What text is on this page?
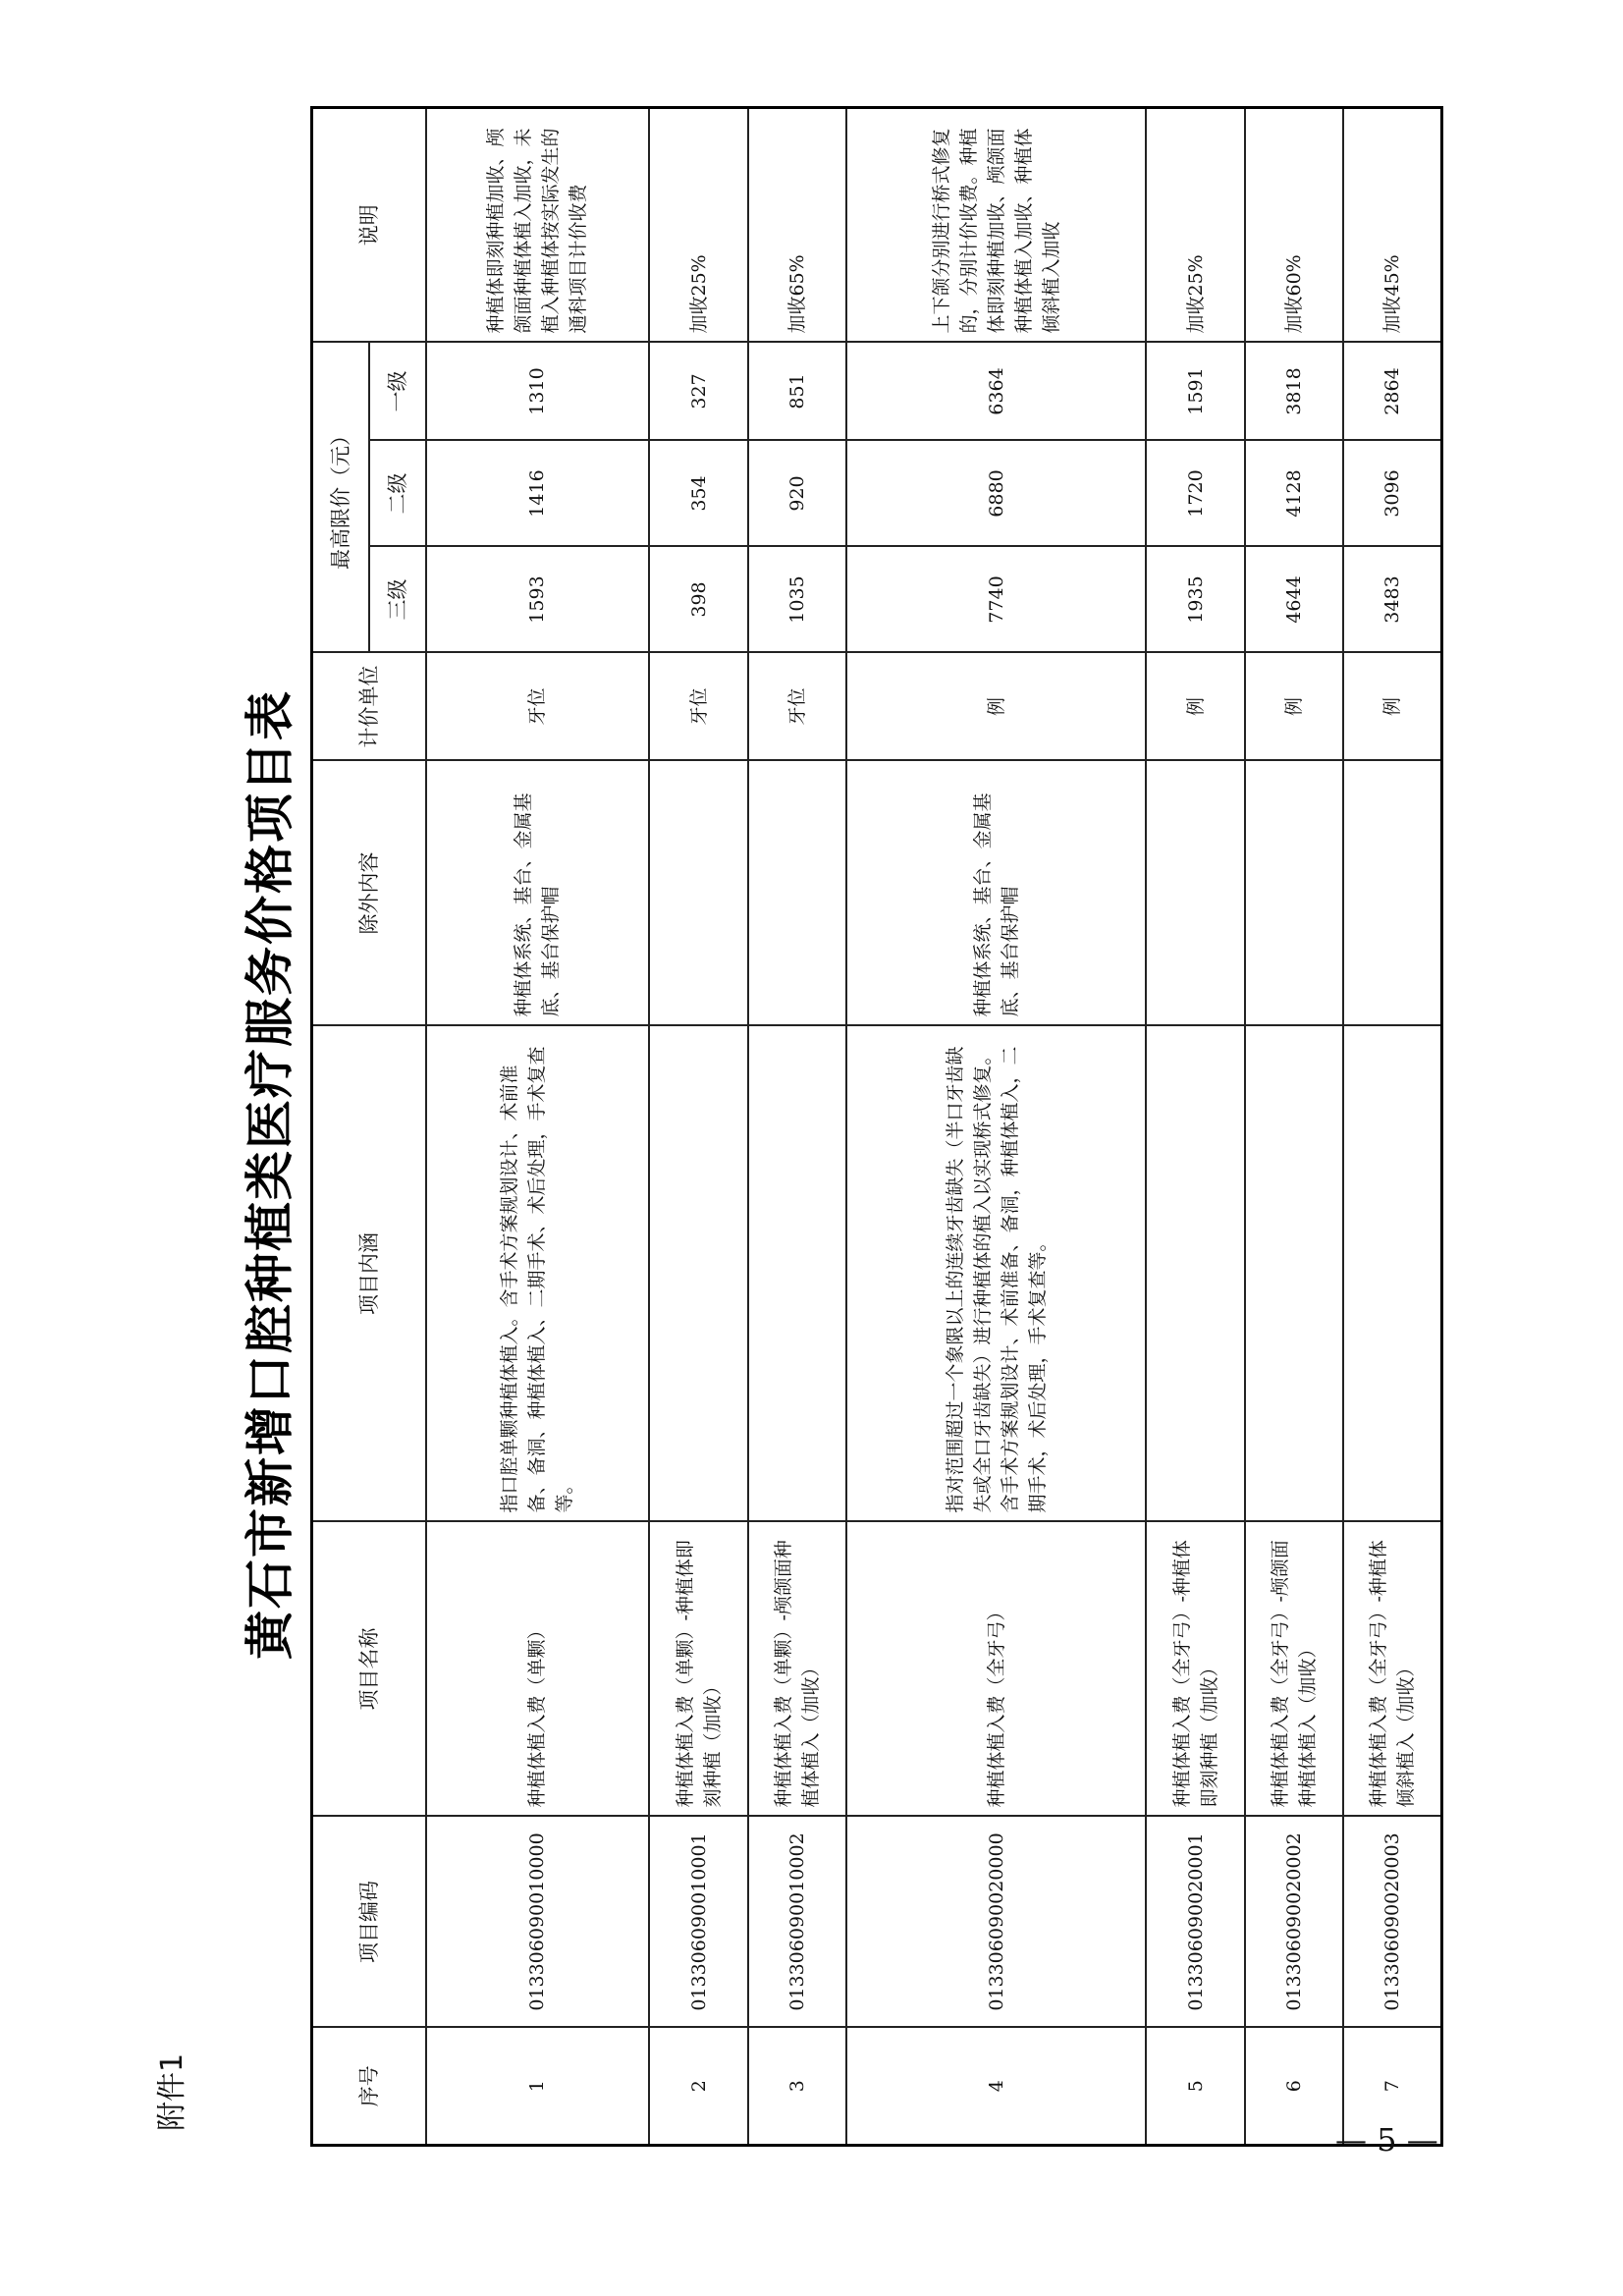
附件1
黄石市新增口腔种植类医疗服务价格项目表
序号	项目编码	项目名称	项目内涵	除外内容	计价单位	最高限价（元）			说明
						三级	二级	一级	
1	013306090010000	种植体植入费（单颗）	指口腔单颗种植体植入。含手术方案规划设计、术前准备、备洞、种植体植入、二期手术、术后处理，手术复查等。	种植体系统、基台、金属基底、基台保护帽	牙位	1593	1416	1310	种植体即刻种植加收、颅颌面种植体植入加收，未植入种植体按实际发生的通科项目计价收费
2	013306090010001	种植体植入费（单颗）-种植体即刻种植（加收）			牙位	398	354	327	加收25%
3	013306090010002	种植体植入费（单颗）-颅颌面种植体植入（加收）			牙位	1035	920	851	加收65%
4	013306090020000	种植体植入费（全牙弓）	指对范围超过一个象限以上的连续牙齿缺失（半口牙齿缺失或全口牙齿缺失）进行种植体的植入以实现桥式修复。含手术方案规划设计、术前准备、备洞，种植体植入，二期手术，术后处理，手术复查等。	种植体系统、基台、金属基底、基台保护帽	例	7740	6880	6364	上下颌分别进行桥式修复的，分别计价收费。种植体即刻种植加收、颅颌面种植体植入加收、种植体倾斜植入加收
5	013306090020001	种植体植入费（全牙弓）-种植体即刻种植（加收）			例	1935	1720	1591	加收25%
6	013306090020002	种植体植入费（全牙弓）-颅颌面种植体植入（加收）			例	4644	4128	3818	加收60%
7	013306090020003	种植体植入费（全牙弓）-种植体倾斜植入（加收）			例	3483	3096	2864	加收45%
— 5 —
